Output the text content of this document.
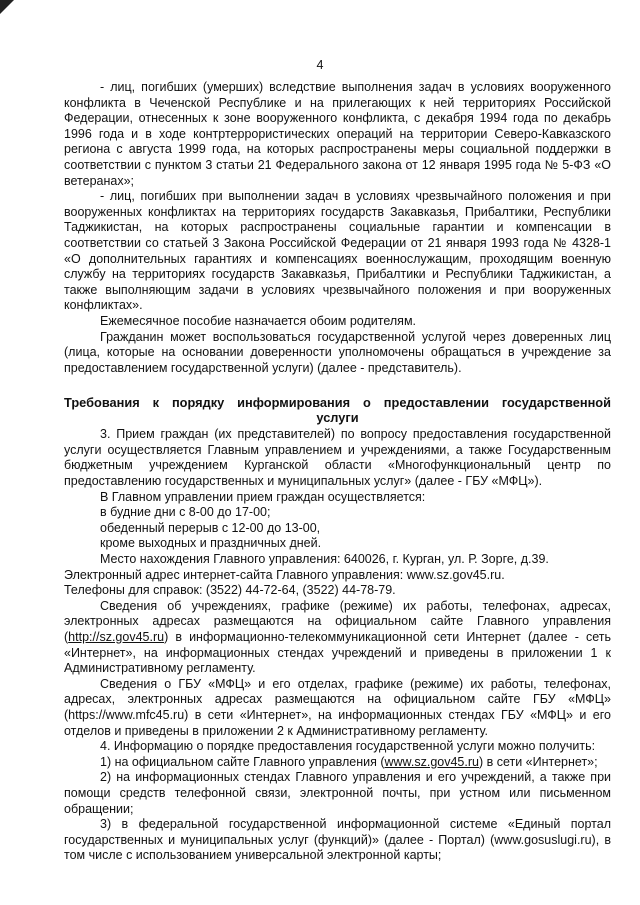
4

- лиц, погибших (умерших) вследствие выполнения задач в условиях вооруженного конфликта в Чеченской Республике и на прилегающих к ней территориях Российской Федерации, отнесенных к зоне вооруженного конфликта, с декабря 1994 года по декабрь 1996 года и в ходе контртеррористических операций на территории Северо-Кавказского региона с августа 1999 года, на которых распространены меры социальной поддержки в соответствии с пунктом 3 статьи 21 Федерального закона от 12 января 1995 года № 5-ФЗ «О ветеранах»;

- лиц, погибших при выполнении задач в условиях чрезвычайного положения и при вооруженных конфликтах на территориях государств Закавказья, Прибалтики, Республики Таджикистан, на которых распространены социальные гарантии и компенсации в соответствии со статьей 3 Закона Российской Федерации от 21 января 1993 года № 4328-1 «О дополнительных гарантиях и компенсациях военнослужащим, проходящим военную службу на территориях государств Закавказья, Прибалтики и Республики Таджикистан, а также выполняющим задачи в условиях чрезвычайного положения и при вооруженных конфликтах».

Ежемесячное пособие назначается обоим родителям.

Гражданин может воспользоваться государственной услугой через доверенных лиц (лица, которые на основании доверенности уполномочены обращаться в учреждение за предоставлением государственной услуги) (далее - представитель).

Требования к порядку информирования о предоставлении государственной
услуги

3. Прием граждан (их представителей) по вопросу предоставления государственной услуги осуществляется Главным управлением и учреждениями, а также Государственным бюджетным учреждением Курганской области «Многофункциональный центр по предоставлению государственных и муниципальных услуг» (далее - ГБУ «МФЦ»).

В Главном управлении прием граждан осуществляется:

в будние дни с 8-00 до 17-00;

обеденный перерыв с 12-00 до 13-00,

кроме выходных и праздничных дней.

Место нахождения Главного управления: 640026, г. Курган, ул. Р. Зорге, д.39.

Электронный адрес интернет-сайта Главного управления: www.sz.gov45.ru.

Телефоны для справок: (3522) 44-72-64, (3522) 44-78-79.

Сведения об учреждениях, графике (режиме) их работы, телефонах, адресах, электронных адресах размещаются на официальном сайте Главного управления (http://sz.gov45.ru) в информационно-телекоммуникационной сети Интернет (далее - сеть «Интернет», на информационных стендах учреждений и приведены в приложении 1 к Административному регламенту.

Сведения о ГБУ «МФЦ» и его отделах, графике (режиме) их работы, телефонах, адресах, электронных адресах размещаются на официальном сайте ГБУ «МФЦ» (https://www.mfc45.ru) в сети «Интернет», на информационных стендах ГБУ «МФЦ» и его отделов и приведены в приложении 2 к Административному регламенту.

4. Информацию о порядке предоставления государственной услуги можно получить:

1) на официальном сайте Главного управления (www.sz.gov45.ru) в сети «Интернет»;

2) на информационных стендах Главного управления и его учреждений, а также при помощи средств телефонной связи, электронной почты, при устном или письменном обращении;

3) в федеральной государственной информационной системе «Единый портал государственных и муниципальных услуг (функций)» (далее - Портал) (www.gosuslugi.ru), в том числе с использованием универсальной электронной карты;
